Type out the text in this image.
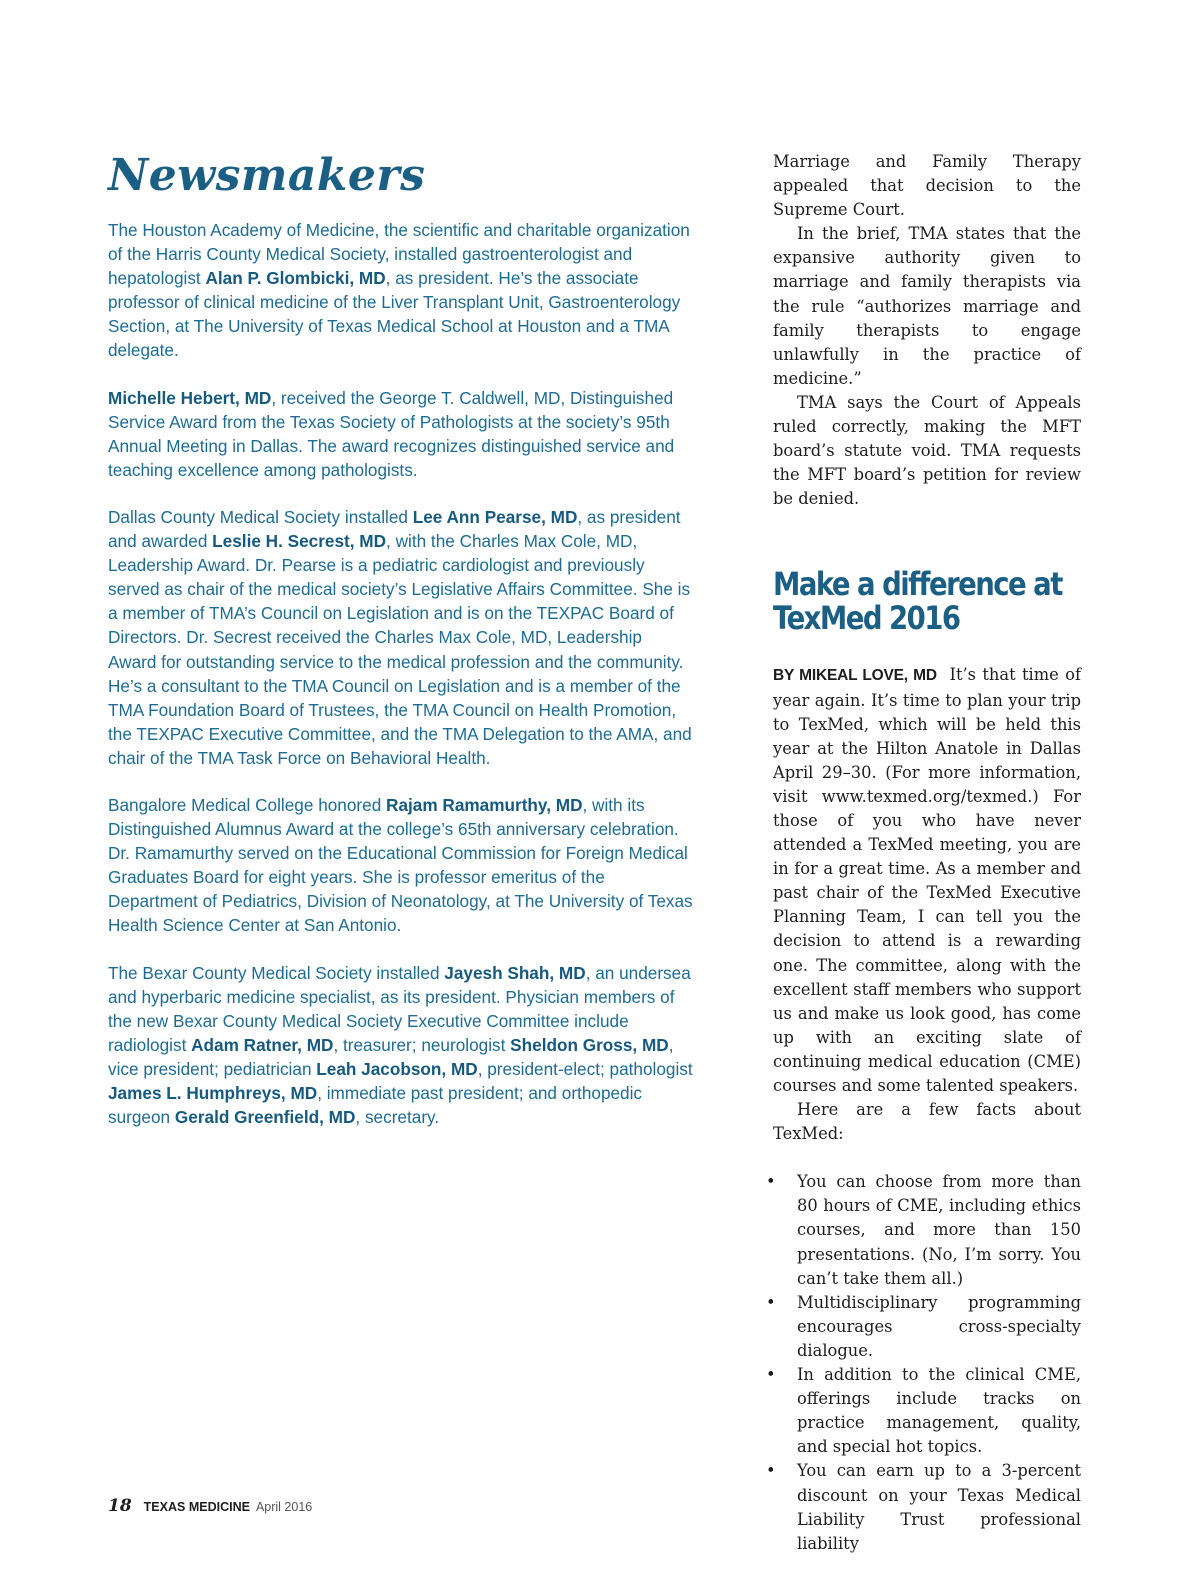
Newsmakers

The Houston Academy of Medicine, the scientific and charitable organization of the Harris County Medical Society, installed gastroenterologist and hepatologist Alan P. Glombicki, MD, as president. He’s the associate professor of clinical medicine of the Liver Transplant Unit, Gastroenterology Section, at The University of Texas Medical School at Houston and a TMA delegate.

Michelle Hebert, MD, received the George T. Caldwell, MD, Distinguished Service Award from the Texas Society of Pathologists at the society’s 95th Annual Meeting in Dallas. The award recognizes distinguished service and teaching excellence among pathologists.

Dallas County Medical Society installed Lee Ann Pearse, MD, as president and awarded Leslie H. Secrest, MD, with the Charles Max Cole, MD, Leadership Award. Dr. Pearse is a pediatric cardiologist and previously served as chair of the medical society’s Legislative Affairs Committee. She is a member of TMA’s Council on Legislation and is on the TEXPAC Board of Directors. Dr. Secrest received the Charles Max Cole, MD, Leadership Award for outstanding service to the medical profession and the community. He’s a consultant to the TMA Council on Legislation and is a member of the TMA Foundation Board of Trustees, the TMA Council on Health Promotion, the TEXPAC Executive Committee, and the TMA Delegation to the AMA, and chair of the TMA Task Force on Behavioral Health.

Bangalore Medical College honored Rajam Ramamurthy, MD, with its Distinguished Alumnus Award at the college’s 65th anniversary celebration. Dr. Ramamurthy served on the Educational Commission for Foreign Medical Graduates Board for eight years. She is professor emeritus of the Department of Pediatrics, Division of Neonatology, at The University of Texas Health Science Center at San Antonio.

The Bexar County Medical Society installed Jayesh Shah, MD, an undersea and hyperbaric medicine specialist, as its president. Physician members of the new Bexar County Medical Society Executive Committee include radiologist Adam Ratner, MD, treasurer; neurologist Sheldon Gross, MD, vice president; pediatrician Leah Jacobson, MD, president-elect; pathologist James L. Humphreys, MD, immediate past president; and orthopedic surgeon Gerald Greenfield, MD, secretary.

Marriage and Family Therapy appealed that decision to the Supreme Court.

In the brief, TMA states that the expansive authority given to marriage and family therapists via the rule “authorizes marriage and family therapists to engage unlawfully in the practice of medicine.”

TMA says the Court of Appeals ruled correctly, making the MFT board’s statute void. TMA requests the MFT board’s petition for review be denied.

Make a difference at
TexMed 2016

BY MIKEAL LOVE, MD It’s that time of year again. It’s time to plan your trip to TexMed, which will be held this year at the Hilton Anatole in Dallas April 29–30. (For more information, visit www.texmed.org/texmed.) For those of you who have never attended a TexMed meeting, you are in for a great time. As a member and past chair of the TexMed Executive Planning Team, I can tell you the decision to attend is a rewarding one. The committee, along with the excellent staff members who support us and make us look good, has come up with an exciting slate of continuing medical education (CME) courses and some talented speakers.

Here are a few facts about TexMed:

• You can choose from more than 80 hours of CME, including ethics courses, and more than 150 presentations. (No, I’m sorry. You can’t take them all.)
• Multidisciplinary programming encourages cross-specialty dialogue.
• In addition to the clinical CME, offerings include tracks on practice management, quality, and special hot topics.
• You can earn up to a 3-percent discount on your Texas Medical Liability Trust professional liability
18 TEXAS MEDICINE April 2016
